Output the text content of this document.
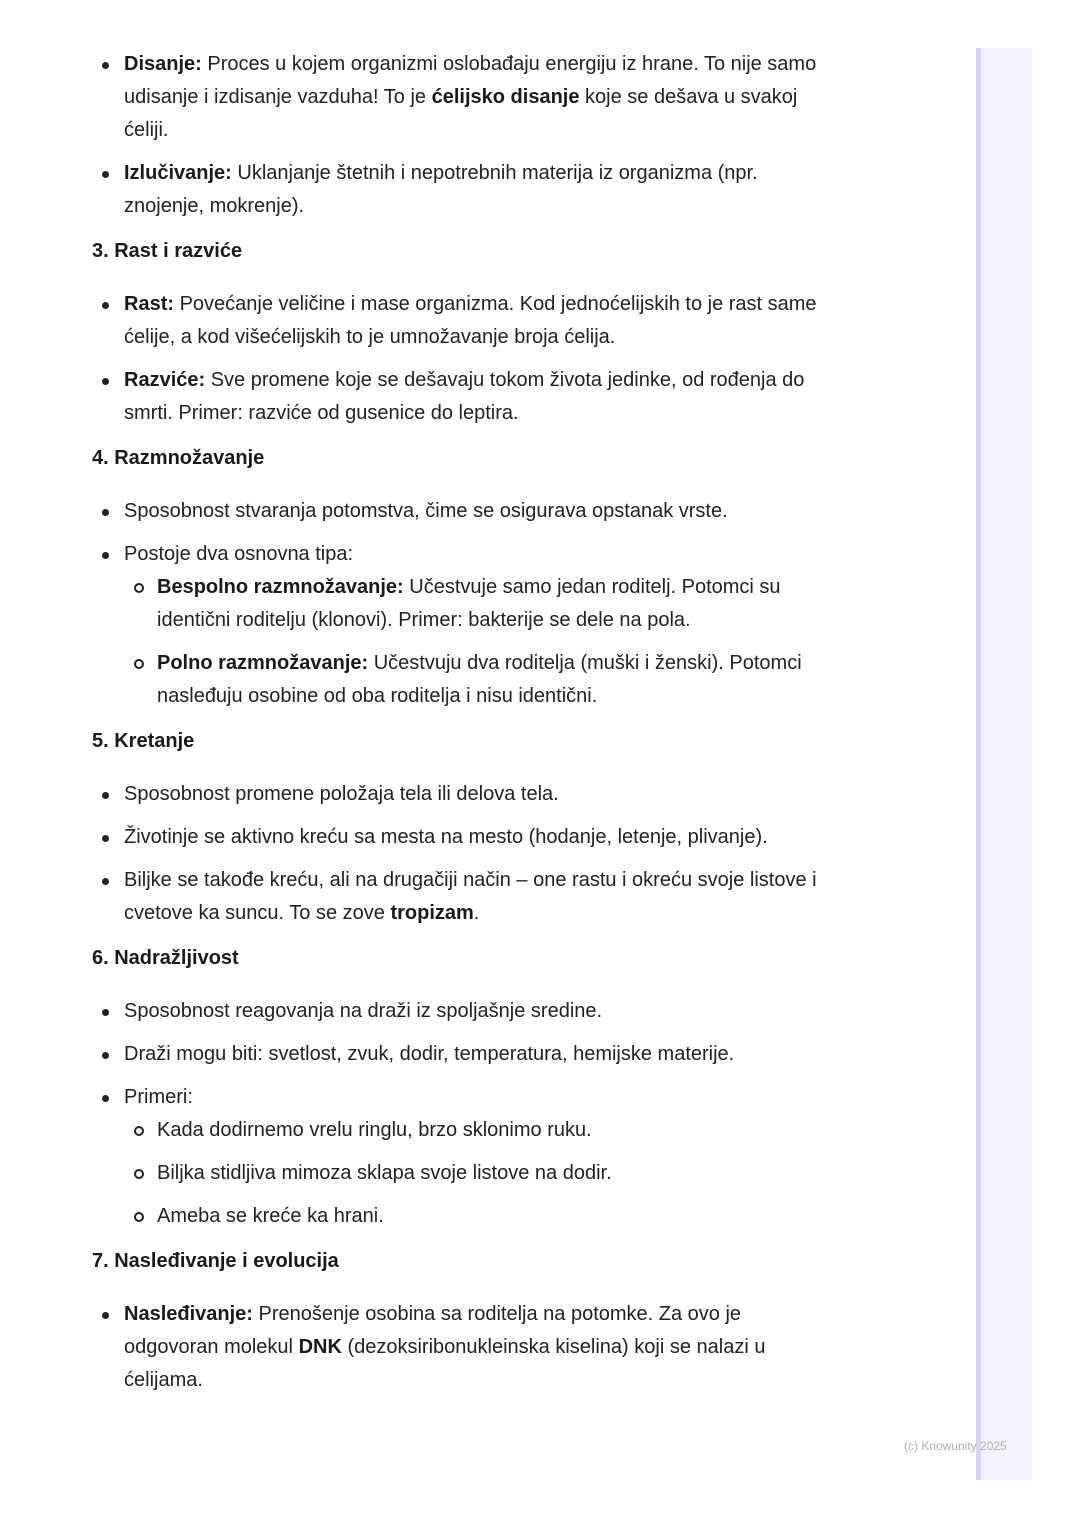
Disanje: Proces u kojem organizmi oslobađaju energiju iz hrane. To nije samo udisanje i izdisanje vazduha! To je ćelijsko disanje koje se dešava u svakoj ćeliji.
Izlučivanje: Uklanjanje štetnih i nepotrebnih materija iz organizma (npr. znojenje, mokrenje).
3. Rast i razviće
Rast: Povećanje veličine i mase organizma. Kod jednoćelijskih to je rast same ćelije, a kod višećelijskih to je umnožavanje broja ćelija.
Razviće: Sve promene koje se dešavaju tokom života jedinke, od rođenja do smrti. Primer: razviće od gusenice do leptira.
4. Razmnožavanje
Sposobnost stvaranja potomstva, čime se osigurava opstanak vrste.
Postoje dva osnovna tipa:
Bespolno razmnožavanje: Učestvuje samo jedan roditelj. Potomci su identični roditelju (klonovi). Primer: bakterije se dele na pola.
Polno razmnožavanje: Učestvuju dva roditelja (muški i ženski). Potomci nasleđuju osobine od oba roditelja i nisu identični.
5. Kretanje
Sposobnost promene položaja tela ili delova tela.
Životinje se aktivno kreću sa mesta na mesto (hodanje, letenje, plivanje).
Biljke se takođe kreću, ali na drugačiji način – one rastu i okreću svoje listove i cvetove ka suncu. To se zove tropizam.
6. Nadražljivost
Sposobnost reagovanja na draži iz spoljašnje sredine.
Draži mogu biti: svetlost, zvuk, dodir, temperatura, hemijske materije.
Primeri:
Kada dodirnemo vrelu ringlu, brzo sklonimo ruku.
Biljka stidljiva mimoza sklapa svoje listove na dodir.
Ameba se kreće ka hrani.
7. Nasleđivanje i evolucija
Nasleđivanje: Prenošenje osobina sa roditelja na potomke. Za ovo je odgovoran molekul DNK (dezoksiribonukleinska kiselina) koji se nalazi u ćelijama.
(c) Knowunity 2025
